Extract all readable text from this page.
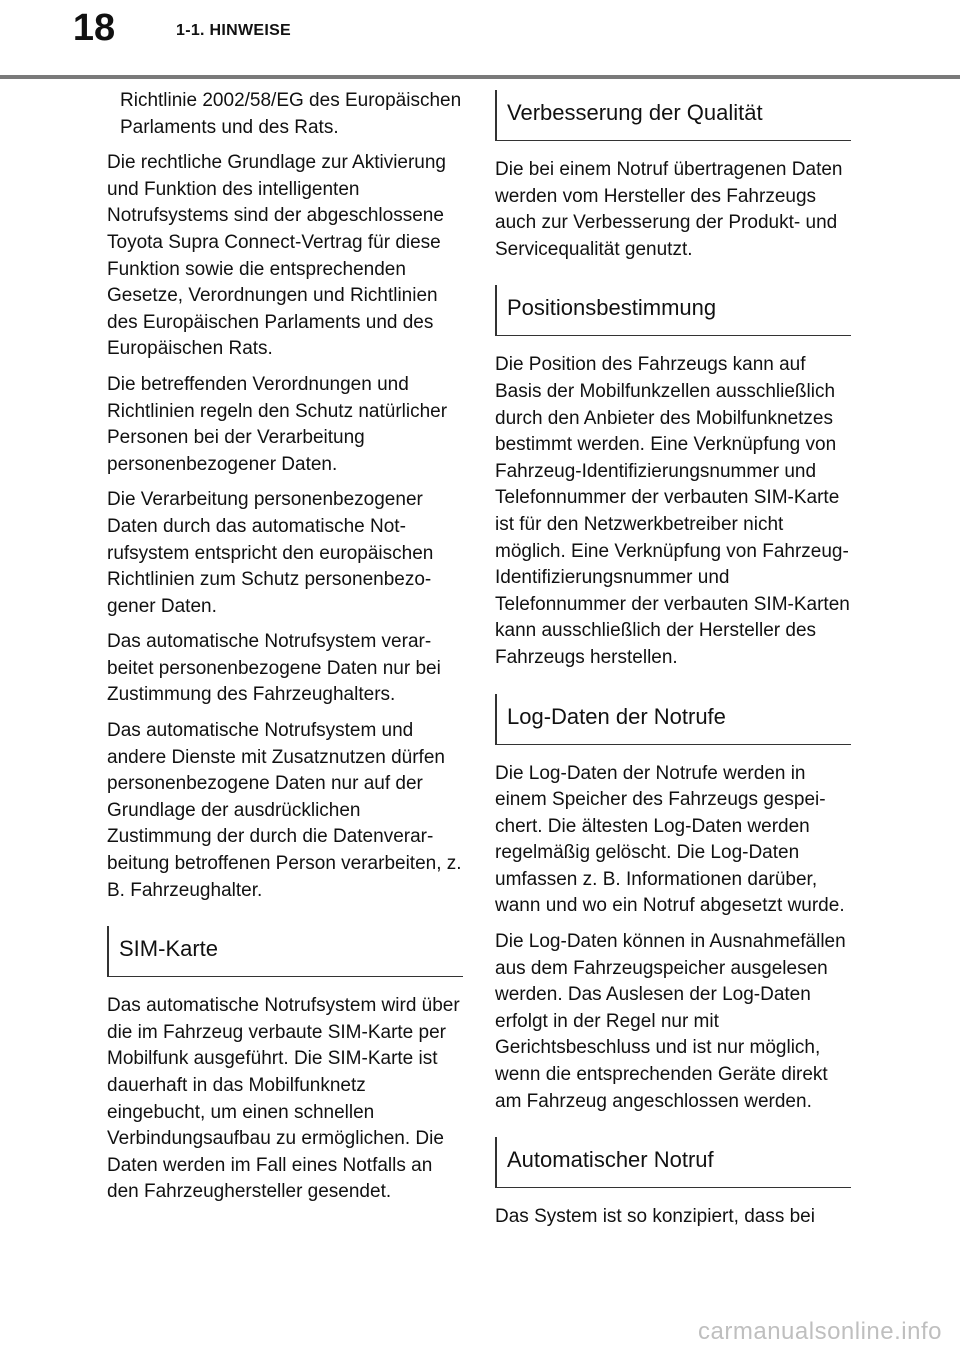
18	1-1. HINWEISE

Richtlinie 2002/58/EG des Europäischen Parlaments und des Rats.

Die rechtliche Grundlage zur Aktivierung und Funktion des intelligenten Notrufsystems sind der abgeschlossene Toyota Supra Connect-Vertrag für diese Funktion sowie die entsprechenden Gesetze, Verordnungen und Richtlinien des Europäischen Parlaments und des Europäischen Rats.

Die betreffenden Verordnungen und Richtlinien regeln den Schutz natürlicher Personen bei der Verarbeitung personenbezogener Daten.

Die Verarbeitung personenbezogener Daten durch das automatische Notrufsystem entspricht den europäischen Richtlinien zum Schutz personenbezogener Daten.

Das automatische Notrufsystem verarbeitet personenbezogene Daten nur bei Zustimmung des Fahrzeughalters.

Das automatische Notrufsystem und andere Dienste mit Zusatznutzen dürfen personenbezogene Daten nur auf der Grundlage der ausdrücklichen Zustimmung der durch die Datenverarbeitung betroffenen Person verarbeiten, z. B. Fahrzeughalter.

SIM-Karte

Das automatische Notrufsystem wird über die im Fahrzeug verbaute SIM-Karte per Mobilfunk ausgeführt. Die SIM-Karte ist dauerhaft in das Mobilfunknetz eingebucht, um einen schnellen Verbindungsaufbau zu ermöglichen. Die Daten werden im Fall eines Notfalls an den Fahrzeughersteller gesendet.

Verbesserung der Qualität

Die bei einem Notruf übertragenen Daten werden vom Hersteller des Fahrzeugs auch zur Verbesserung der Produkt- und Servicequalität genutzt.

Positionsbestimmung

Die Position des Fahrzeugs kann auf Basis der Mobilfunkzellen ausschließlich durch den Anbieter des Mobilfunknetzes bestimmt werden. Eine Verknüpfung von Fahrzeug-Identifizierungsnummer und Telefonnummer der verbauten SIM-Karte ist für den Netzwerkbetreiber nicht möglich. Eine Verknüpfung von Fahrzeug-Identifizierungsnummer und Telefonnummer der verbauten SIM-Karten kann ausschließlich der Hersteller des Fahrzeugs herstellen.

Log-Daten der Notrufe

Die Log-Daten der Notrufe werden in einem Speicher des Fahrzeugs gespeichert. Die ältesten Log-Daten werden regelmäßig gelöscht. Die Log-Daten umfassen z. B. Informationen darüber, wann und wo ein Notruf abgesetzt wurde.

Die Log-Daten können in Ausnahmefällen aus dem Fahrzeugspeicher ausgelesen werden. Das Auslesen der Log-Daten erfolgt in der Regel nur mit Gerichtsbeschluss und ist nur möglich, wenn die entsprechenden Geräte direkt am Fahrzeug angeschlossen werden.

Automatischer Notruf

Das System ist so konzipiert, dass bei

carmanualsonline.info
